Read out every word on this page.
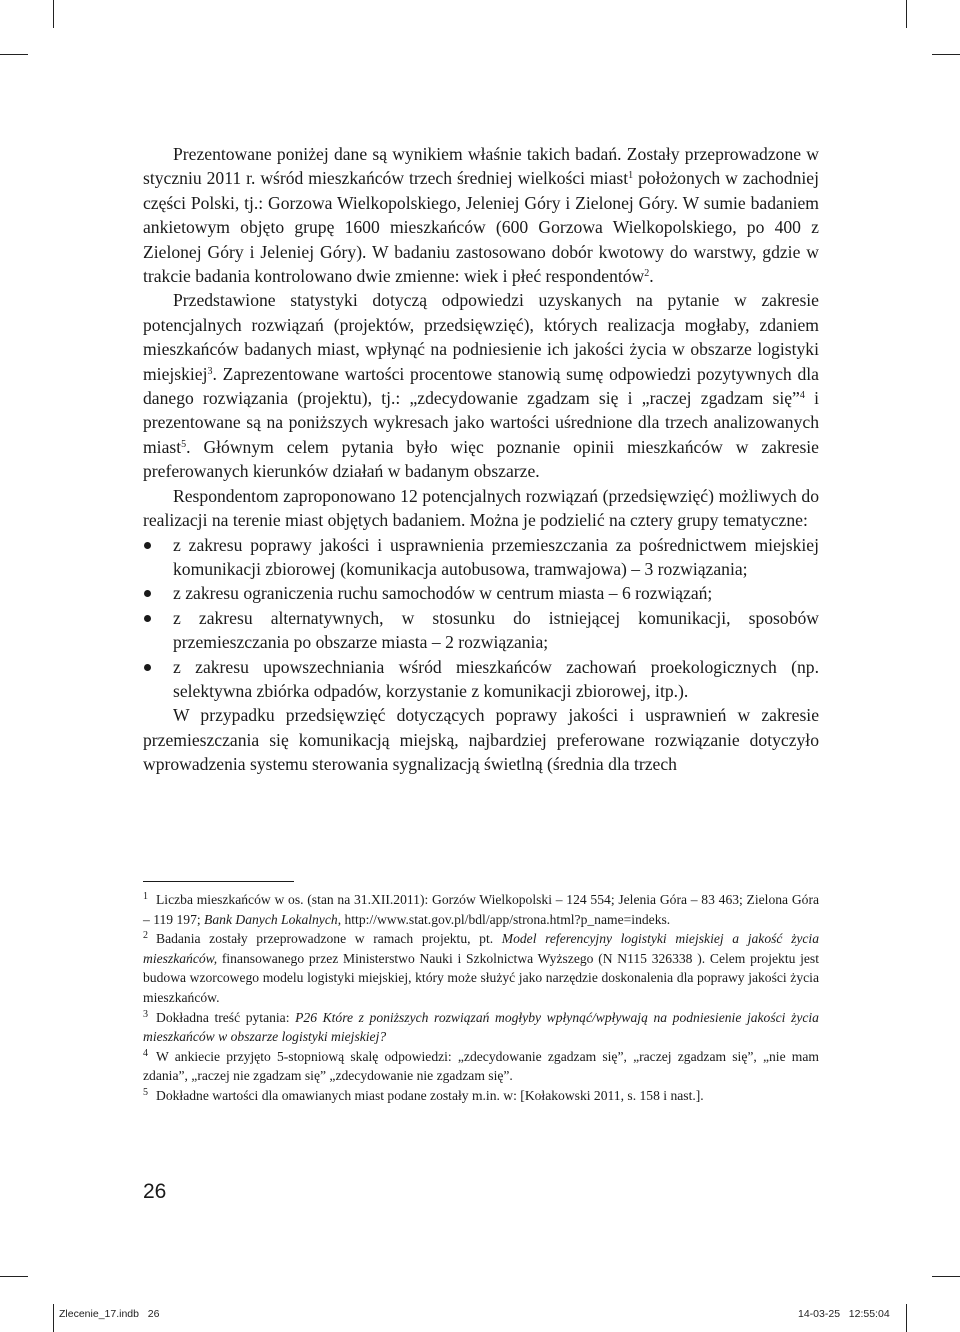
Prezentowane poniżej dane są wynikiem właśnie takich badań. Zostały przeprowadzone w styczniu 2011 r. wśród mieszkańców trzech średniej wielkości miast$^1$ położonych w zachodniej części Polski, tj.: Gorzowa Wielkopolskiego, Jeleniej Góry i Zielonej Góry. W sumie badaniem ankietowym objęto grupę 1600 mieszkańców (600 Gorzowa Wielkopolskiego, po 400 z Zielonej Góry i Jeleniej Góry). W badaniu zastosowano dobór kwotowy do warstwy, gdzie w trakcie badania kontrolowano dwie zmienne: wiek i płeć respondentów$^2$.

Przedstawione statystyki dotyczą odpowiedzi uzyskanych na pytanie w zakresie potencjalnych rozwiązań (projektów, przedsięwzięć), których realizacja mogłaby, zdaniem mieszkańców badanych miast, wpłynąć na podniesienie ich jakości życia w obszarze logistyki miejskiej$^3$. Zaprezentowane wartości procentowe stanowią sumę odpowiedzi pozytywnych dla danego rozwiązania (projektu), tj.: „zdecydowanie zgadzam się i „raczej zgadzam się”$^4$ i prezentowane są na poniższych wykresach jako wartości uśrednione dla trzech analizowanych miast$^5$. Głównym celem pytania było więc poznanie opinii mieszkańców w zakresie preferowanych kierunków działań w badanym obszarze.

Respondentom zaproponowano 12 potencjalnych rozwiązań (przedsięwzięć) możliwych do realizacji na terenie miast objętych badaniem. Można je podzielić na cztery grupy tematyczne:

z zakresu poprawy jakości i usprawnienia przemieszczania za pośrednictwem miejskiej komunikacji zbiorowej (komunikacja autobusowa, tramwajowa) – 3 rozwiązania;
z zakresu ograniczenia ruchu samochodów w centrum miasta – 6 rozwiązań;
z zakresu alternatywnych, w stosunku do istniejącej komunikacji, sposobów przemieszczania po obszarze miasta – 2 rozwiązania;
z zakresu upowszechniania wśród mieszkańców zachowań proekologicznych (np. selektywna zbiórka odpadów, korzystanie z komunikacji zbiorowej, itp.).

W przypadku przedsięwzięć dotyczących poprawy jakości i usprawnień w zakresie przemieszczania się komunikacją miejską, najbardziej preferowane rozwiązanie dotyczyło wprowadzenia systemu sterowania sygnalizacją świetlną (średnia dla trzech

$^1$ Liczba mieszkańców w os. (stan na 31.XII.2011): Gorzów Wielkopolski – 124 554; Jelenia Góra – 83 463; Zielona Góra – 119 197; Bank Danych Lokalnych, http://www.stat.gov.pl/bdl/app/strona.html?p_name=indeks.

$^2$ Badania zostały przeprowadzone w ramach projektu, pt. Model referencyjny logistyki miejskiej a jakość życia mieszkańców, finansowanego przez Ministerstwo Nauki i Szkolnictwa Wyższego (N N115 326338 ). Celem projektu jest budowa wzorcowego modelu logistyki miejskiej, który może służyć jako narzędzie doskonalenia dla poprawy jakości życia mieszkańców.

$^3$ Dokładna treść pytania: P26 Które z poniższych rozwiązań mogłyby wpłynąć/wpływają na podniesienie jakości życia mieszkańców w obszarze logistyki miejskiej?

$^4$ W ankiecie przyjęto 5-stopniową skalę odpowiedzi: „zdecydowanie zgadzam się”, „raczej zgadzam się”, „nie mam zdania”, „raczej nie zgadzam się” „zdecydowanie nie zgadzam się”.

$^5$ Dokładne wartości dla omawianych miast podane zostały m.in. w: [Kołakowski 2011, s. 158 i nast.].

26
Zlecenie_17.indb   26	14-03-25   12:55:04
